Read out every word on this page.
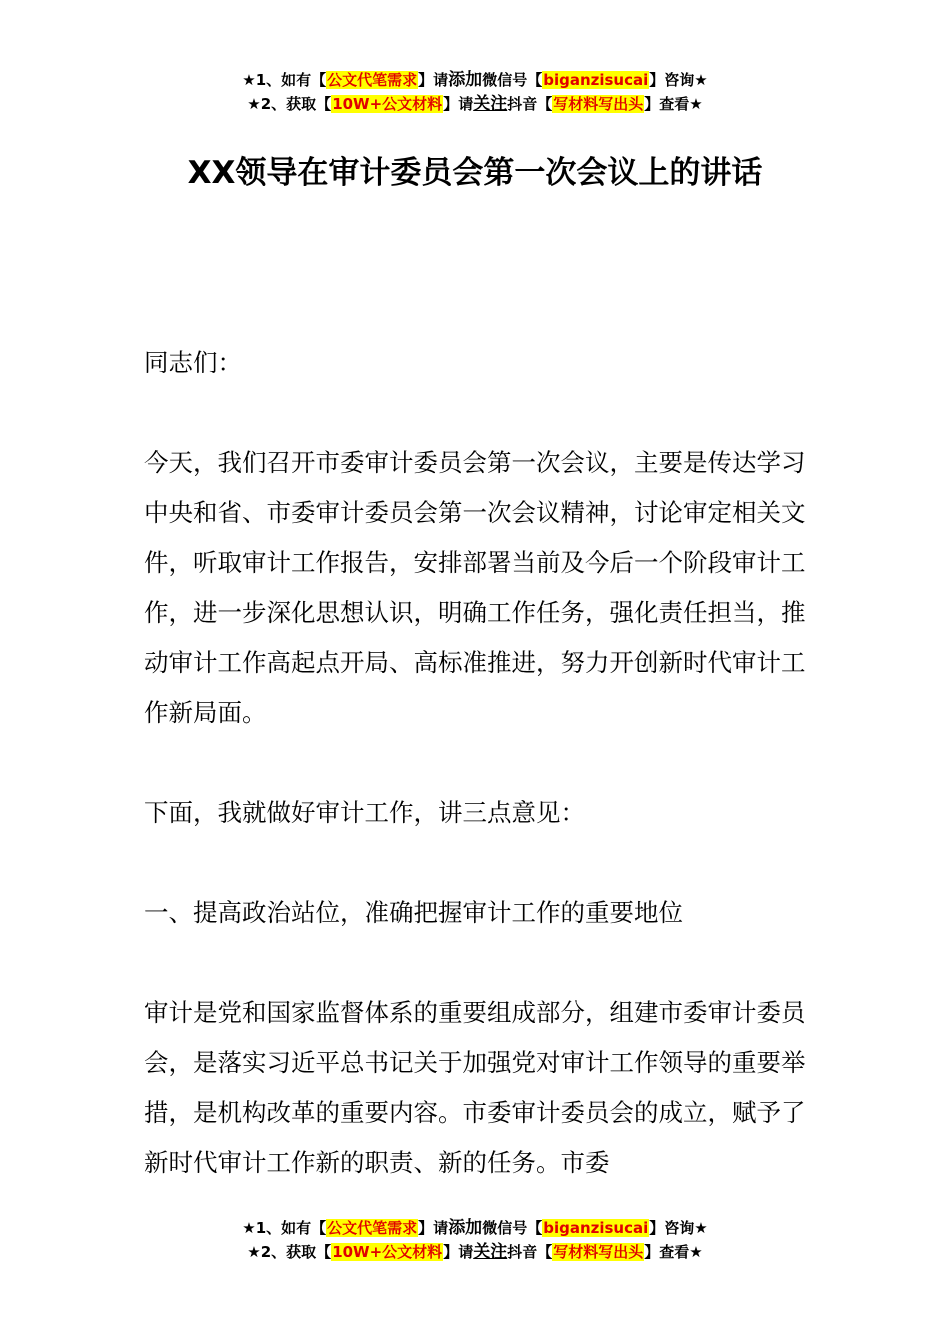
★1、如有【公文代笔需求】请添加微信号【biganzisucai】咨询★
★2、获取【10W+公文材料】请关注抖音【写材料写出头】查看★
XX领导在审计委员会第一次会议上的讲话

同志们：

今天，我们召开市委审计委员会第一次会议，主要是传达学习中央和省、市委审计委员会第一次会议精神，讨论审定相关文件，听取审计工作报告，安排部署当前及今后一个阶段审计工作，进一步深化思想认识，明确工作任务，强化责任担当，推动审计工作高起点开局、高标准推进，努力开创新时代审计工作新局面。

下面，我就做好审计工作，讲三点意见：

一、提高政治站位，准确把握审计工作的重要地位

审计是党和国家监督体系的重要组成部分，组建市委审计委员会，是落实习近平总书记关于加强党对审计工作领导的重要举措，是机构改革的重要内容。市委审计委员会的成立，赋予了新时代审计工作新的职责、新的任务。市委

★1、如有【公文代笔需求】请添加微信号【biganzisucai】咨询★
★2、获取【10W+公文材料】请关注抖音【写材料写出头】查看★
